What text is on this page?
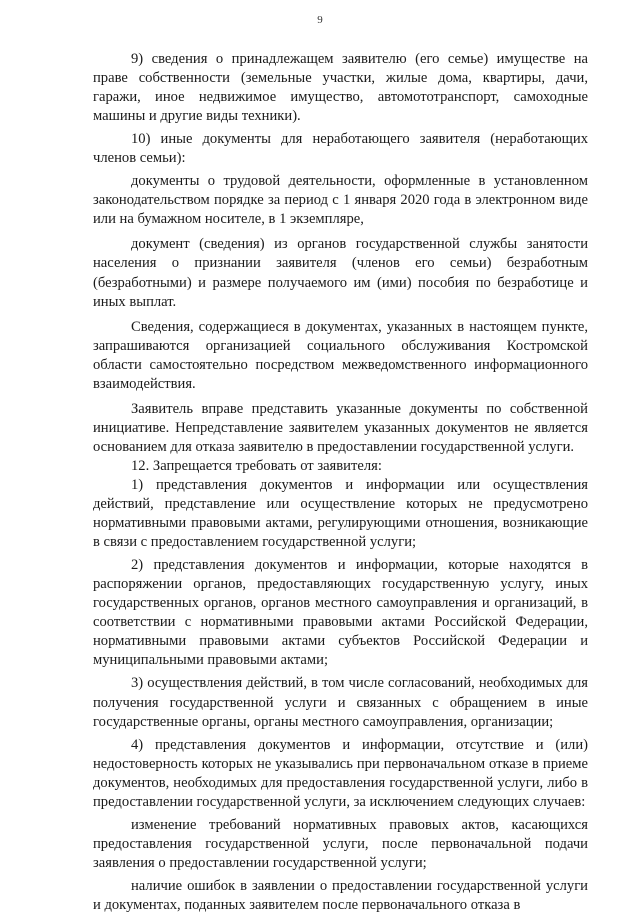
9

9) сведения о принадлежащем заявителю (его семье) имуществе на праве собственности (земельные участки, жилые дома, квартиры, дачи, гаражи, иное недвижимое имущество, автомототранспорт, самоходные машины и другие виды техники).

10) иные документы для неработающего заявителя (неработающих членов семьи):

документы о трудовой деятельности, оформленные в установленном законодательством порядке за период с 1 января 2020 года в электронном виде или на бумажном носителе, в 1 экземпляре,

документ (сведения) из органов государственной службы занятости населения о признании заявителя (членов его семьи) безработным (безработными) и размере получаемого им (ими) пособия по безработице и иных выплат.

Сведения, содержащиеся в документах, указанных в настоящем пункте, запрашиваются организацией социального обслуживания Костромской области самостоятельно посредством межведомственного информационного взаимодействия.

Заявитель вправе представить указанные документы по собственной инициативе. Непредставление заявителем указанных документов не является основанием для отказа заявителю в предоставлении государственной услуги.

12. Запрещается требовать от заявителя:

1) представления документов и информации или осуществления действий, представление или осуществление которых не предусмотрено нормативными правовыми актами, регулирующими отношения, возникающие в связи с предоставлением государственной услуги;

2) представления документов и информации, которые находятся в распоряжении органов, предоставляющих государственную услугу, иных государственных органов, органов местного самоуправления и организаций, в соответствии с нормативными правовыми актами Российской Федерации, нормативными правовыми актами субъектов Российской Федерации и муниципальными правовыми актами;

3) осуществления действий, в том числе согласований, необходимых для получения государственной услуги и связанных с обращением в иные государственные органы, органы местного самоуправления, организации;

4) представления документов и информации, отсутствие и (или) недостоверность которых не указывались при первоначальном отказе в приеме документов, необходимых для предоставления государственной услуги, либо в предоставлении государственной услуги, за исключением следующих случаев:

изменение требований нормативных правовых актов, касающихся предоставления государственной услуги, после первоначальной подачи заявления о предоставлении государственной услуги;

наличие ошибок в заявлении о предоставлении государственной услуги и документах, поданных заявителем после первоначального отказа в
